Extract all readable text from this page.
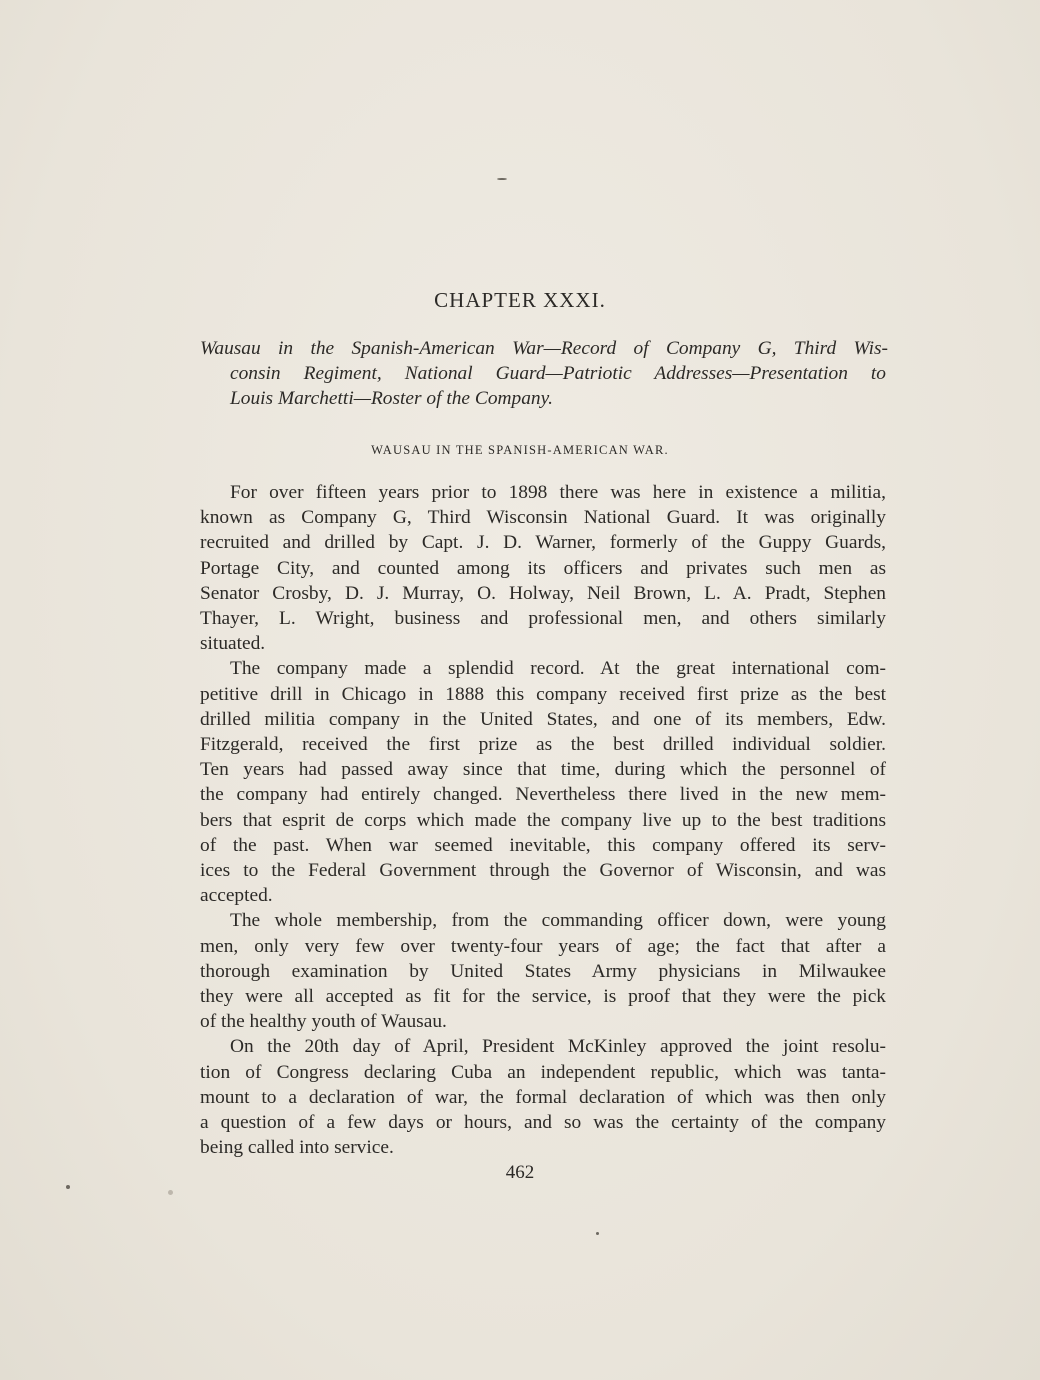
CHAPTER XXXI.

Wausau in the Spanish-American War—Record of Company G, Third Wis-
consin Regiment, National Guard—Patriotic Addresses—Presentation to
Louis Marchetti—Roster of the Company.

WAUSAU IN THE SPANISH-AMERICAN WAR.
For over fifteen years prior to 1898 there was here in existence a militia,
known as Company G, Third Wisconsin National Guard. It was originally
recruited and drilled by Capt. J. D. Warner, formerly of the Guppy Guards,
Portage City, and counted among its officers and privates such men as
Senator Crosby, D. J. Murray, O. Holway, Neil Brown, L. A. Pradt, Stephen
Thayer, L. Wright, business and professional men, and others similarly
situated.
The company made a splendid record. At the great international com-
petitive drill in Chicago in 1888 this company received first prize as the best
drilled militia company in the United States, and one of its members, Edw.
Fitzgerald, received the first prize as the best drilled individual soldier.
Ten years had passed away since that time, during which the personnel of
the company had entirely changed. Nevertheless there lived in the new mem-
bers that esprit de corps which made the company live up to the best traditions
of the past. When war seemed inevitable, this company offered its serv-
ices to the Federal Government through the Governor of Wisconsin, and was
accepted.
The whole membership, from the commanding officer down, were young
men, only very few over twenty-four years of age; the fact that after a
thorough examination by United States Army physicians in Milwaukee
they were all accepted as fit for the service, is proof that they were the pick
of the healthy youth of Wausau.
On the 20th day of April, President McKinley approved the joint resolu-
tion of Congress declaring Cuba an independent republic, which was tanta-
mount to a declaration of war, the formal declaration of which was then only
a question of a few days or hours, and so was the certainty of the company
being called into service.
462
